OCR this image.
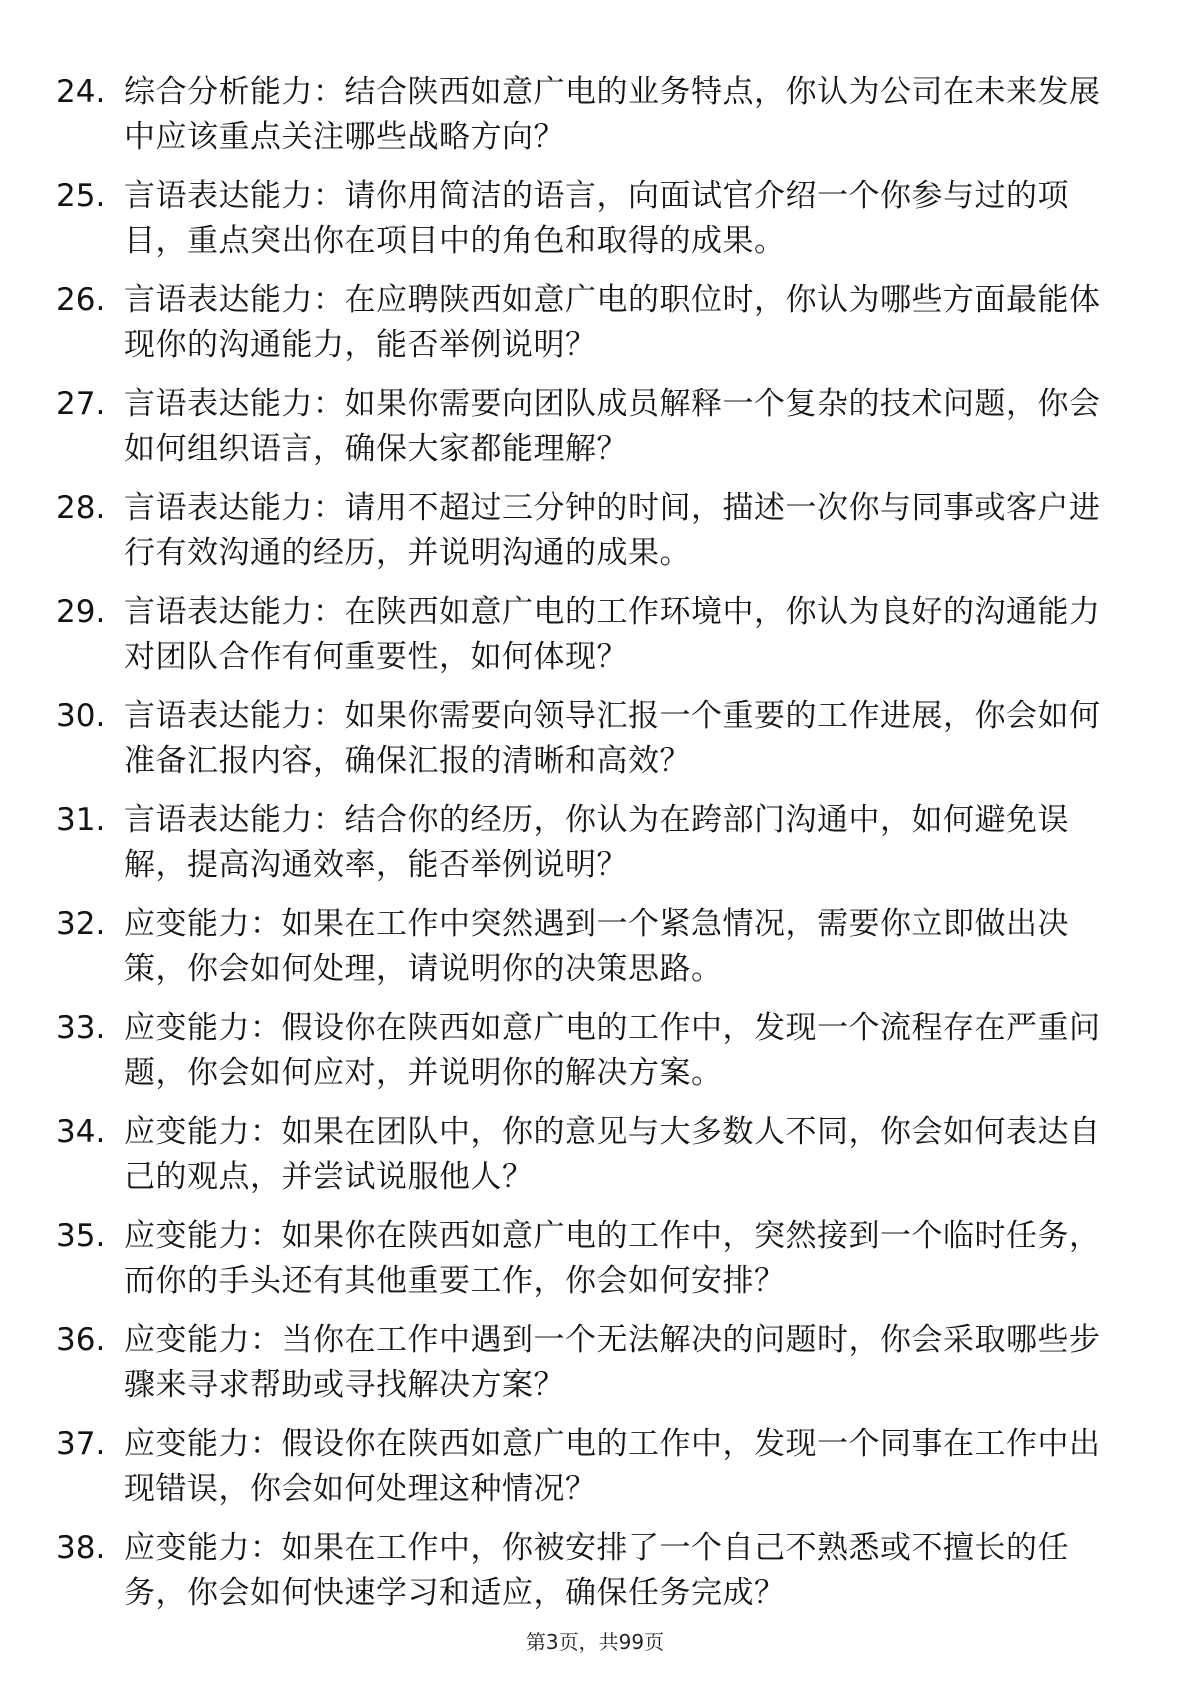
24. 综合分析能力：结合陕西如意广电的业务特点，你认为公司在未来发展中应该重点关注哪些战略方向？
25. 言语表达能力：请你用简洁的语言，向面试官介绍一个你参与过的项目，重点突出你在项目中的角色和取得的成果。
26. 言语表达能力：在应聘陕西如意广电的职位时，你认为哪些方面最能体现你的沟通能力，能否举例说明？
27. 言语表达能力：如果你需要向团队成员解释一个复杂的技术问题，你会如何组织语言，确保大家都能理解？
28. 言语表达能力：请用不超过三分钟的时间，描述一次你与同事或客户进行有效沟通的经历，并说明沟通的成果。
29. 言语表达能力：在陕西如意广电的工作环境中，你认为良好的沟通能力对团队合作有何重要性，如何体现？
30. 言语表达能力：如果你需要向领导汇报一个重要的工作进展，你会如何准备汇报内容，确保汇报的清晰和高效？
31. 言语表达能力：结合你的经历，你认为在跨部门沟通中，如何避免误解，提高沟通效率，能否举例说明？
32. 应变能力：如果在工作中突然遇到一个紧急情况，需要你立即做出决策，你会如何处理，请说明你的决策思路。
33. 应变能力：假设你在陕西如意广电的工作中，发现一个流程存在严重问题，你会如何应对，并说明你的解决方案。
34. 应变能力：如果在团队中，你的意见与大多数人不同，你会如何表达自己的观点，并尝试说服他人？
35. 应变能力：如果你在陕西如意广电的工作中，突然接到一个临时任务，而你的手头还有其他重要工作，你会如何安排？
36. 应变能力：当你在工作中遇到一个无法解决的问题时，你会采取哪些步骤来寻求帮助或寻找解决方案？
37. 应变能力：假设你在陕西如意广电的工作中，发现一个同事在工作中出现错误，你会如何处理这种情况？
38. 应变能力：如果在工作中，你被安排了一个自己不熟悉或不擅长的任务，你会如何快速学习和适应，确保任务完成？
第3页，共99页
